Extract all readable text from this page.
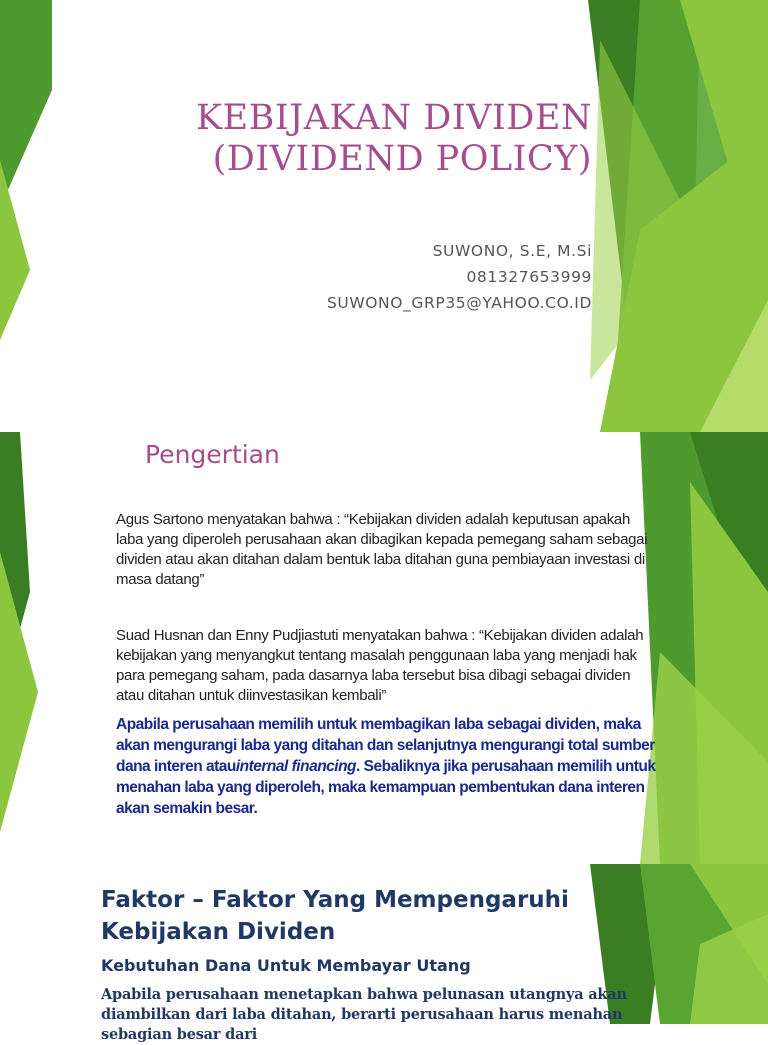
KEBIJAKAN DIVIDEN
(DIVIDEND POLICY)
SUWONO, S.E, M.Si
081327653999
SUWONO_GRP35@YAHOO.CO.ID
Pengertian
Agus Sartono menyatakan bahwa : “Kebijakan dividen adalah keputusan apakah laba yang diperoleh perusahaan akan dibagikan kepada pemegang saham sebagai dividen atau akan ditahan dalam bentuk laba ditahan guna pembiayaan investasi di masa datang”
Suad Husnan dan Enny Pudjiastuti menyatakan bahwa : “Kebijakan dividen adalah kebijakan yang menyangkut tentang masalah penggunaan laba yang menjadi hak para pemegang saham, pada dasarnya laba tersebut bisa dibagi sebagai dividen atau ditahan untuk diinvestasikan kembali”
Apabila perusahaan memilih untuk membagikan laba sebagai dividen, maka akan mengurangi laba yang ditahan dan selanjutnya mengurangi total sumber dana interen atauinternal financing. Sebaliknya jika perusahaan memilih untuk menahan laba yang diperoleh, maka kemampuan pembentukan dana interen akan semakin besar.
Faktor – Faktor Yang Mempengaruhi Kebijakan Dividen
Kebutuhan Dana Untuk Membayar Utang
Apabila perusahaan menetapkan bahwa pelunasan utangnya akan diambilkan dari laba ditahan, berarti perusahaan harus menahan sebagian besar dari
